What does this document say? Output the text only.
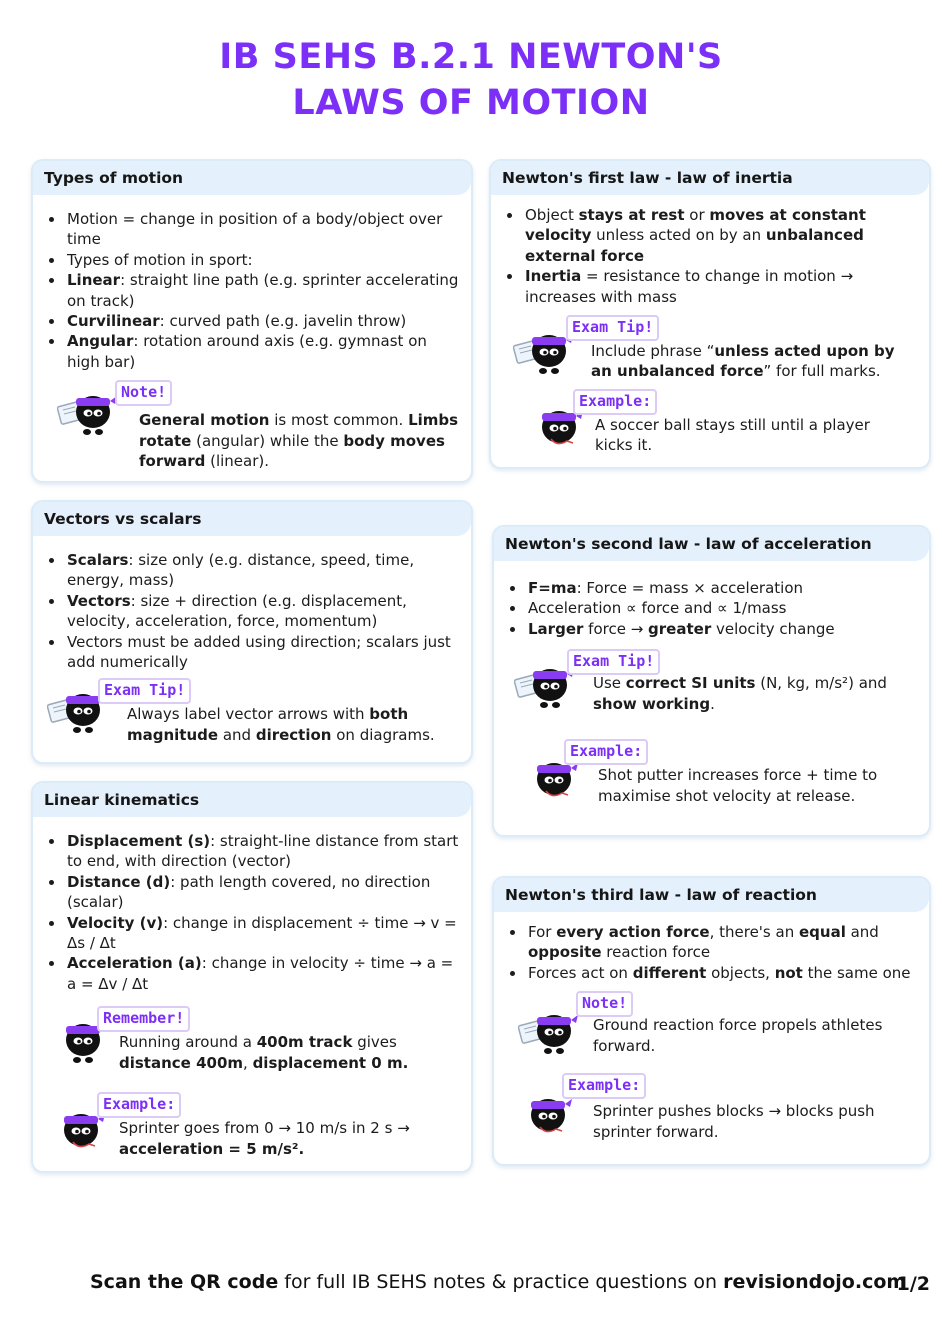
IB SEHS B.2.1 NEWTON'S
LAWS OF MOTION
Types of motion
• Motion = change in position of a body/object over time
• Types of motion in sport:
• Linear: straight line path (e.g. sprinter accelerating on track)
• Curvilinear: curved path (e.g. javelin throw)
• Angular: rotation around axis (e.g. gymnast on high bar)
Note!
General motion is most common. Limbs rotate (angular) while the body moves forward (linear).
Vectors vs scalars
• Scalars: size only (e.g. distance, speed, time, energy, mass)
• Vectors: size + direction (e.g. displacement, velocity, acceleration, force, momentum)
• Vectors must be added using direction; scalars just add numerically
Exam Tip!
Always label vector arrows with both magnitude and direction on diagrams.
Linear kinematics
• Displacement (s): straight-line distance from start to end, with direction (vector)
• Distance (d): path length covered, no direction (scalar)
• Velocity (v): change in displacement ÷ time → v = Δs / Δt
• Acceleration (a): change in velocity ÷ time → a = a = Δv / Δt
Remember!
Running around a 400m track gives distance 400m, displacement 0 m.
Example:
Sprinter goes from 0 → 10 m/s in 2 s → acceleration = 5 m/s².
Newton's first law - law of inertia
• Object stays at rest or moves at constant velocity unless acted on by an unbalanced external force
• Inertia = resistance to change in motion → increases with mass
Exam Tip!
Include phrase “unless acted upon by an unbalanced force” for full marks.
Example:
A soccer ball stays still until a player kicks it.
Newton's second law - law of acceleration
• F=ma: Force = mass × acceleration
• Acceleration ∝ force and ∝ 1/mass
• Larger force → greater velocity change
Exam Tip!
Use correct SI units (N, kg, m/s²) and show working.
Example:
Shot putter increases force + time to maximise shot velocity at release.
Newton's third law - law of reaction
• For every action force, there's an equal and opposite reaction force
• Forces act on different objects, not the same one
Note!
Ground reaction force propels athletes forward.
Example:
Sprinter pushes blocks → blocks push sprinter forward.
Scan the QR code for full IB SEHS notes & practice questions on revisiondojo.com
1/2
